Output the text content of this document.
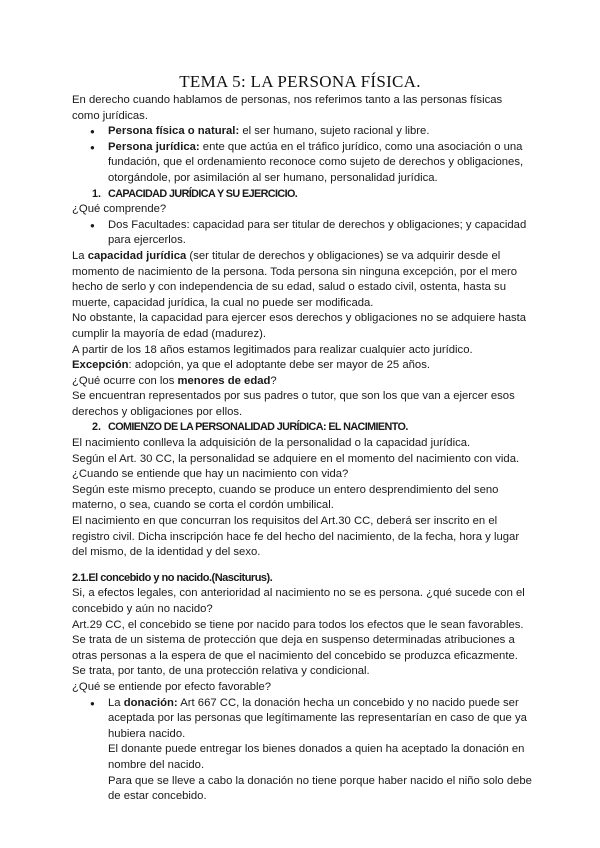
TEMA 5: LA PERSONA FÍSICA.

En derecho cuando hablamos de personas, nos referimos tanto a las personas físicas como jurídicas.

● Persona física o natural: el ser humano, sujeto racional y libre.

● Persona jurídica: ente que actúa en el tráfico jurídico, como una asociación o una fundación, que el ordenamiento reconoce como sujeto de derechos y obligaciones, otorgándole, por asimilación al ser humano, personalidad jurídica.

1. CAPACIDAD JURÍDICA Y SU EJERCICIO.

¿Qué comprende?

● Dos Facultades: capacidad para ser titular de derechos y obligaciones; y capacidad para ejercerlos.

La capacidad jurídica (ser titular de derechos y obligaciones) se va adquirir desde el momento de nacimiento de la persona. Toda persona sin ninguna excepción, por el mero hecho de serlo y con independencia de su edad, salud o estado civil, ostenta, hasta su muerte, capacidad jurídica, la cual no puede ser modificada.

No obstante, la capacidad para ejercer esos derechos y obligaciones no se adquiere hasta cumplir la mayoría de edad (madurez).

A partir de los 18 años estamos legitimados para realizar cualquier acto jurídico.

Excepción: adopción, ya que el adoptante debe ser mayor de 25 años.

¿Qué ocurre con los menores de edad?

Se encuentran representados por sus padres o tutor, que son los que van a ejercer esos derechos y obligaciones por ellos.

2. COMIENZO DE LA PERSONALIDAD JURÍDICA: EL NACIMIENTO.

El nacimiento conlleva la adquisición de la personalidad o la capacidad jurídica.

Según el Art. 30 CC, la personalidad se adquiere en el momento del nacimiento con vida.

¿Cuando se entiende que hay un nacimiento con vida?

Según este mismo precepto, cuando se produce un entero desprendimiento del seno materno, o sea, cuando se corta el cordón umbilical.

El nacimiento en que concurran los requisitos del Art.30 CC, deberá ser inscrito en el registro civil. Dicha inscripción hace fe del hecho del nacimiento, de la fecha, hora y lugar del mismo, de la identidad y del sexo.

2.1.El concebido y no nacido.(Nasciturus).

Si, a efectos legales, con anterioridad al nacimiento no se es persona. ¿qué sucede con el concebido y aún no nacido?

Art.29 CC, el concebido se tiene por nacido para todos los efectos que le sean favorables.

Se trata de un sistema de protección que deja en suspenso determinadas atribuciones a otras personas a la espera de que el nacimiento del concebido se produzca eficazmente.

Se trata, por tanto, de una protección relativa y condicional.

¿Qué se entiende por efecto favorable?

● La donación: Art 667 CC, la donación hecha un concebido y no nacido puede ser aceptada por las personas que legítimamente las representarían en caso de que ya hubiera nacido.

El donante puede entregar los bienes donados a quien ha aceptado la donación en nombre del nacido.

Para que se lleve a cabo la donación no tiene porque haber nacido el niño solo debe de estar concebido.
